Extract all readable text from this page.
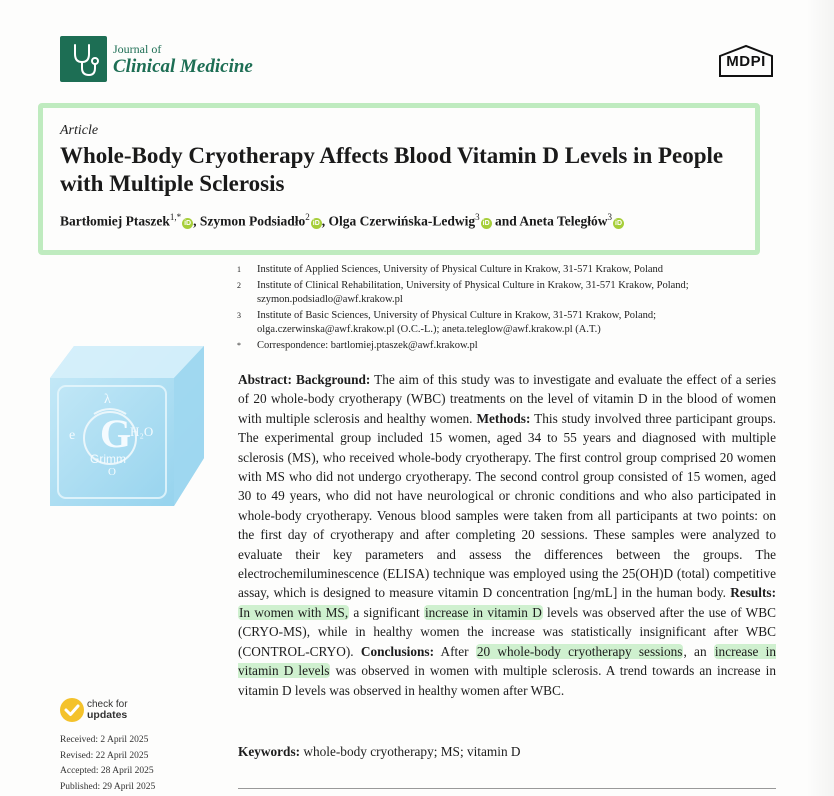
Journal of
Clinical Medicine	MDPI
Article
Whole-Body Cryotherapy Affects Blood Vitamin D Levels in People with Multiple Sclerosis
Bartłomiej Ptaszek$^{1,*}$iD , Szymon Podsiadło$^2$iD , Olga Czerwińska-Ledwig$^3$iD and Aneta Teległów$^3$iD
1	Institute of Applied Sciences, University of Physical Culture in Krakow, 31-571 Krakow, Poland
2	Institute of Clinical Rehabilitation, University of Physical Culture in Krakow, 31-571 Krakow, Poland;
szymon.podsiadlo@awf.krakow.pl
3	Institute of Basic Sciences, University of Physical Culture in Krakow, 31-571 Krakow, Poland;
olga.czerwinska@awf.krakow.pl (O.C.-L.); aneta.teleglow@awf.krakow.pl (A.T.)
*	Correspondence: bartlomiej.ptaszek@awf.krakow.pl
G
e	H₂O
λ
O
Grimm
Abstract: Background: The aim of this study was to investigate and evaluate the effect of a series of 20 whole-body cryotherapy (WBC) treatments on the level of vitamin D in the blood of women with multiple sclerosis and healthy women. Methods: This study involved three participant groups. The experimental group included 15 women, aged 34 to 55 years and diagnosed with multiple sclerosis (MS), who received whole-body cryotherapy. The first control group comprised 20 women with MS who did not undergo cryotherapy. The second control group consisted of 15 women, aged 30 to 49 years, who did not have neurological or chronic conditions and who also participated in whole-body cryotherapy. Venous blood samples were taken from all participants at two points: on the first day of cryotherapy and after completing 20 sessions. These samples were analyzed to evaluate their key parameters and assess the differences between the groups. The electrochemiluminescence (ELISA) technique was employed using the 25(OH)D (total) competitive assay, which is designed to measure vitamin D concentration [ng/mL] in the human body. Results: In women with MS, a significant increase in vitamin D levels was observed after the use of WBC (CRYO-MS), while in healthy women the increase was statistically insignificant after WBC (CONTROL-CRYO). Conclusions: After 20 whole-body cryotherapy sessions, an increase in vitamin D levels was observed in women with multiple sclerosis. A trend towards an increase in vitamin D levels was observed in healthy women after WBC.
Keywords: whole-body cryotherapy; MS; vitamin D
check for
updates
Received: 2 April 2025
Revised: 22 April 2025
Accepted: 28 April 2025
Published: 29 April 2025
